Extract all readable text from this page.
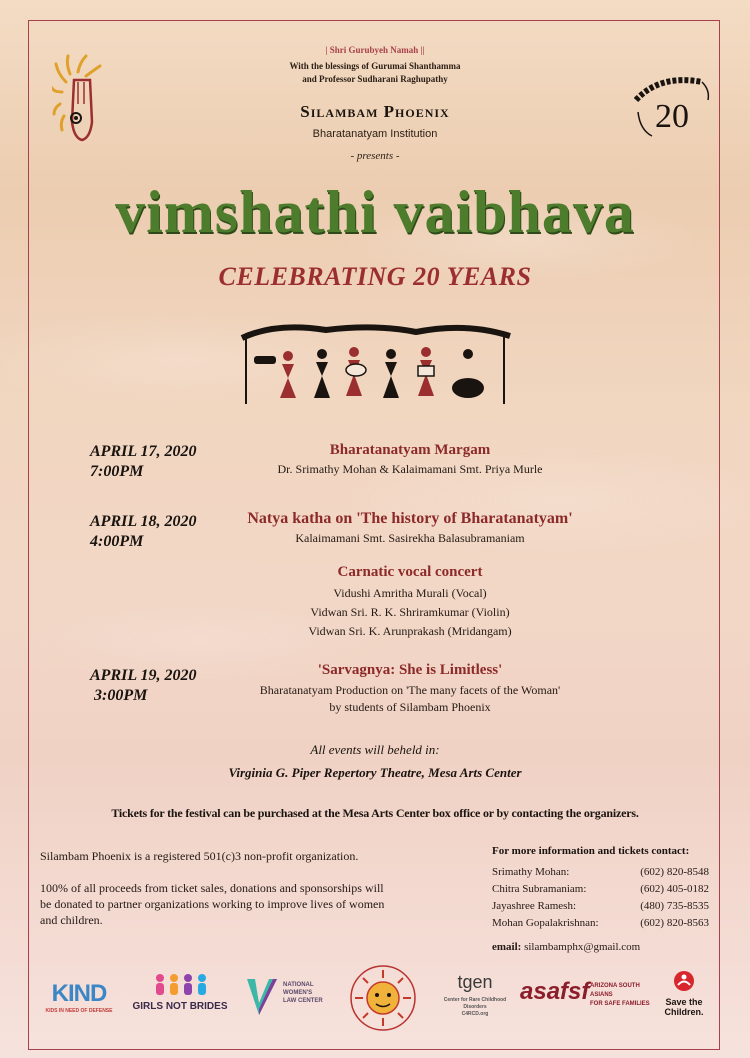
20
| Shri Gurubyeh Namah ||
With the blessings of Gurumai Shanthamma
and Professor Sudharani Raghupathy
Silambam Phoenix
Bharatanatyam Institution
- presents -
vimshathi vaibhava
CELEBRATING 20 YEARS
APRIL 17, 2020
7:00PM
Bharatanatyam Margam
Dr. Srimathy Mohan & Kalaimamani Smt. Priya Murle
APRIL 18, 2020
4:00PM
Natya katha on 'The history of Bharatanatyam'
Kalaimamani Smt. Sasirekha Balasubramaniam
Carnatic vocal concert
Vidushi Amritha Murali (Vocal)
Vidwan Sri. R. K. Shriramkumar (Violin)
Vidwan Sri. K. Arunprakash (Mridangam)
APRIL 19, 2020
3:00PM
'Sarvagnya: She is Limitless'
Bharatanatyam Production on 'The many facets of the Woman'
by students of Silambam Phoenix
All events will beheld in:
Virginia G. Piper Repertory Theatre, Mesa Arts Center
Tickets for the festival can be purchased at the Mesa Arts Center box office or by contacting the organizers.
Silambam Phoenix is a registered 501(c)3 non-profit organization.
100% of all proceeds from ticket sales, donations and sponsorships will
be donated to partner organizations working to improve lives of women
and children.
For more information and tickets contact:
Srimathy Mohan:	(602) 820-8548
Chitra Subramaniam:	(602) 405-0182
Jayashree Ramesh:	(480) 735-8535
Mohan Gopalakrishnan:	(602) 820-8563
email: silambamphx@gmail.com
KIND
KIDS IN NEED OF DEFENSE	GIRLS NOT BRIDES
NATIONAL
WOMEN'S
LAW CENTER
tgen
Center for Rare Childhood Disorders
C4RCD.org
asafsf ARIZONA SOUTH ASIANS
FOR SAFE FAMILIES	Save the
Children.
